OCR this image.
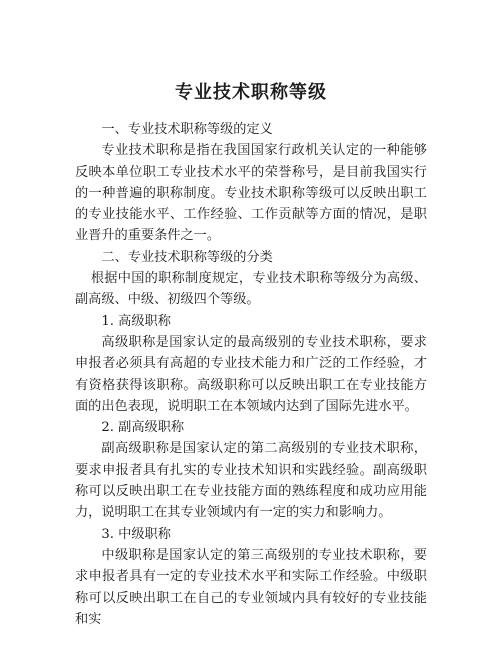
专业技术职称等级

一、专业技术职称等级的定义

专业技术职称是指在我国国家行政机关认定的一种能够反映本单位职工专业技术水平的荣誉称号，是目前我国实行的一种普遍的职称制度。专业技术职称等级可以反映出职工的专业技能水平、工作经验、工作贡献等方面的情况，是职业晋升的重要条件之一。

二、专业技术职称等级的分类

根据中国的职称制度规定，专业技术职称等级分为高级、副高级、中级、初级四个等级。

1. 高级职称

高级职称是国家认定的最高级别的专业技术职称，要求申报者必须具有高超的专业技术能力和广泛的工作经验，才有资格获得该职称。高级职称可以反映出职工在专业技能方面的出色表现，说明职工在本领域内达到了国际先进水平。

2. 副高级职称

副高级职称是国家认定的第二高级别的专业技术职称，要求申报者具有扎实的专业技术知识和实践经验。副高级职称可以反映出职工在专业技能方面的熟练程度和成功应用能力，说明职工在其专业领域内有一定的实力和影响力。

3. 中级职称

中级职称是国家认定的第三高级别的专业技术职称，要求申报者具有一定的专业技术水平和实际工作经验。中级职称可以反映出职工在自己的专业领域内具有较好的专业技能和实
